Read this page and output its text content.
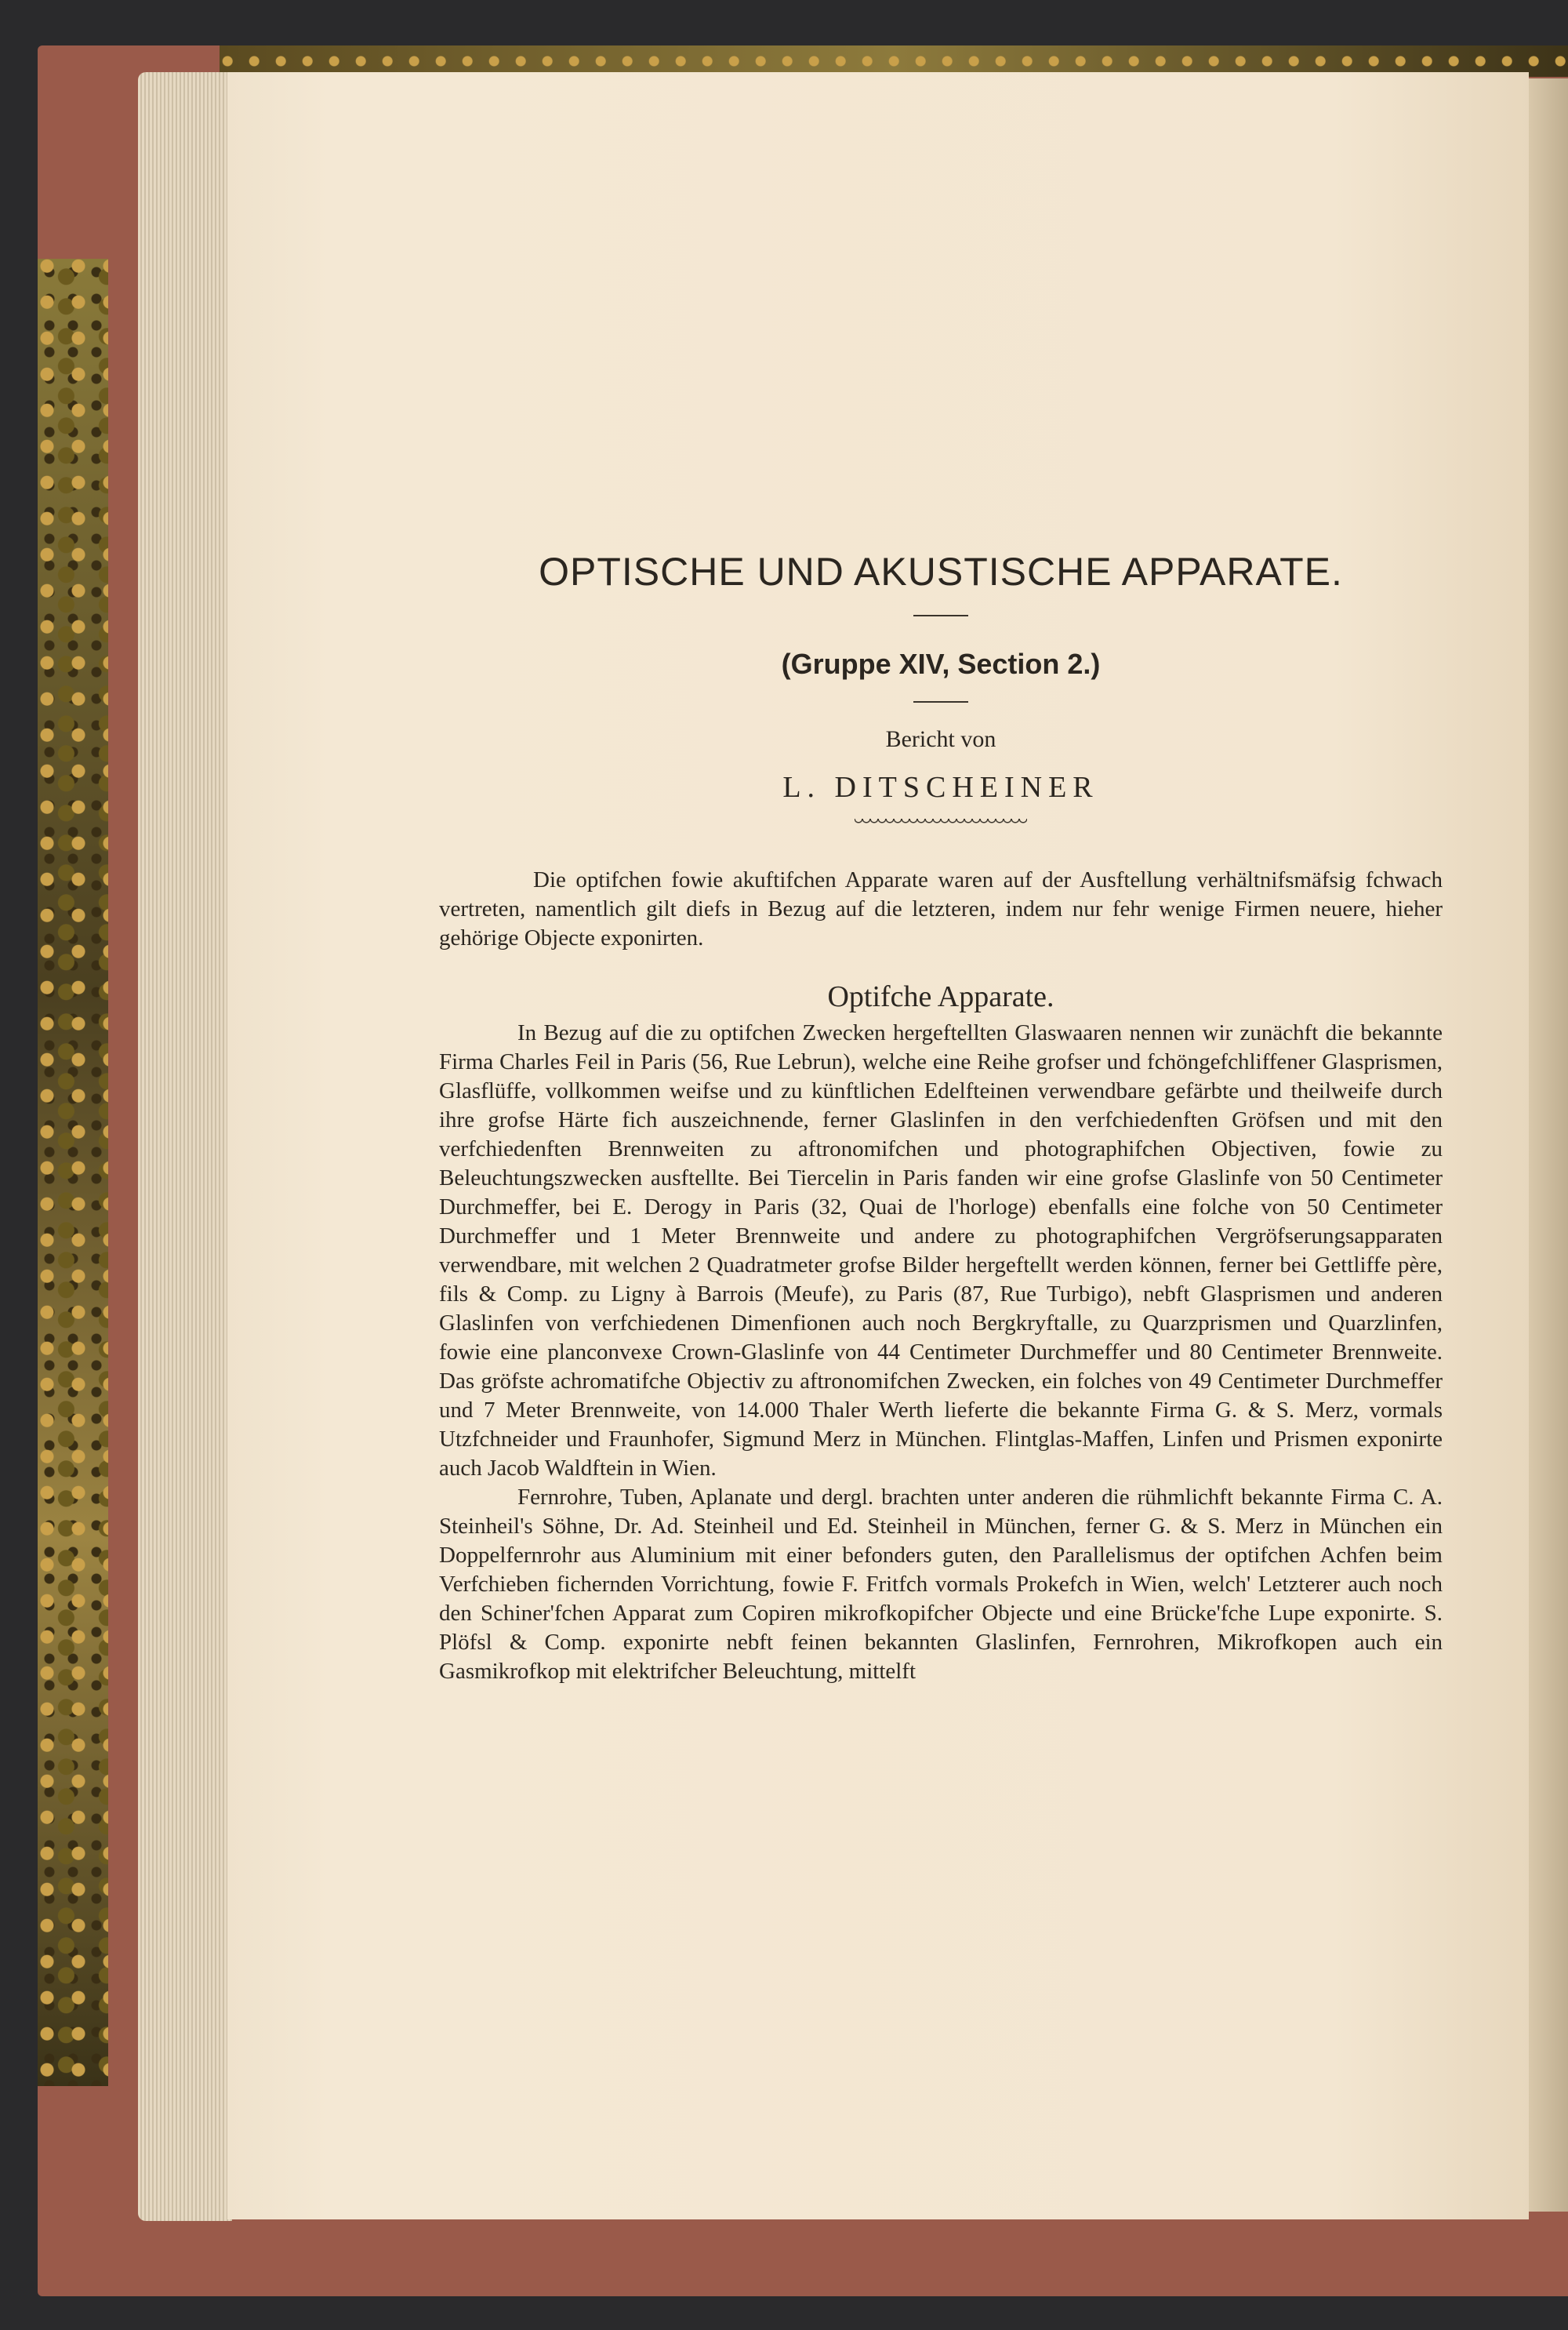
OPTISCHE UND AKUSTISCHE APPARATE.

(Gruppe XIV, Section 2.)

Bericht von

L. DITSCHEINER

Die optifchen fowie akuftifchen Apparate waren auf der Ausftellung verhältnifsmäfsig fchwach vertreten, namentlich gilt diefs in Bezug auf die letzteren, indem nur fehr wenige Firmen neuere, hieher gehörige Objecte exponirten.

Optifche Apparate.

In Bezug auf die zu optifchen Zwecken hergeftellten Glaswaaren nennen wir zunächft die bekannte Firma Charles Feil in Paris (56, Rue Lebrun), welche eine Reihe grofser und fchöngefchliffener Glasprismen, Glasflüffe, vollkommen weifse und zu künftlichen Edelfteinen verwendbare gefärbte und theilweife durch ihre grofse Härte fich auszeichnende, ferner Glaslinfen in den verfchiedenften Gröfsen und mit den verfchiedenften Brennweiten zu aftronomifchen und photographifchen Objectiven, fowie zu Beleuchtungszwecken ausftellte. Bei Tiercelin in Paris fanden wir eine grofse Glaslinfe von 50 Centimeter Durchmeffer, bei E. Derogy in Paris (32, Quai de l'horloge) ebenfalls eine folche von 50 Centimeter Durchmeffer und 1 Meter Brennweite und andere zu photographifchen Vergröfserungsapparaten verwendbare, mit welchen 2 Quadratmeter grofse Bilder hergeftellt werden können, ferner bei Gettliffe père, fils & Comp. zu Ligny à Barrois (Meufe), zu Paris (87, Rue Turbigo), nebft Glasprismen und anderen Glaslinfen von verfchiedenen Dimenfionen auch noch Bergkryftalle, zu Quarzprismen und Quarzlinfen, fowie eine planconvexe Crown-Glaslinfe von 44 Centimeter Durchmeffer und 80 Centimeter Brennweite. Das gröfste achromatifche Objectiv zu aftronomifchen Zwecken, ein folches von 49 Centimeter Durchmeffer und 7 Meter Brennweite, von 14.000 Thaler Werth lieferte die bekannte Firma G. & S. Merz, vormals Utzfchneider und Fraunhofer, Sigmund Merz in München. Flintglas-Maffen, Linfen und Prismen exponirte auch Jacob Waldftein in Wien.

Fernrohre, Tuben, Aplanate und dergl. brachten unter anderen die rühmlichft bekannte Firma C. A. Steinheil's Söhne, Dr. Ad. Steinheil und Ed. Steinheil in München, ferner G. & S. Merz in München ein Doppelfernrohr aus Aluminium mit einer befonders guten, den Parallelismus der optifchen Achfen beim Verfchieben fichernden Vorrichtung, fowie F. Fritfch vormals Prokefch in Wien, welch' Letzterer auch noch den Schiner'fchen Apparat zum Copiren mikrofkopifcher Objecte und eine Brücke'fche Lupe exponirte. S. Plöfsl & Comp. exponirte nebft feinen bekannten Glaslinfen, Fernrohren, Mikrofkopen auch ein Gasmikrofkop mit elektrifcher Beleuchtung, mittelft
